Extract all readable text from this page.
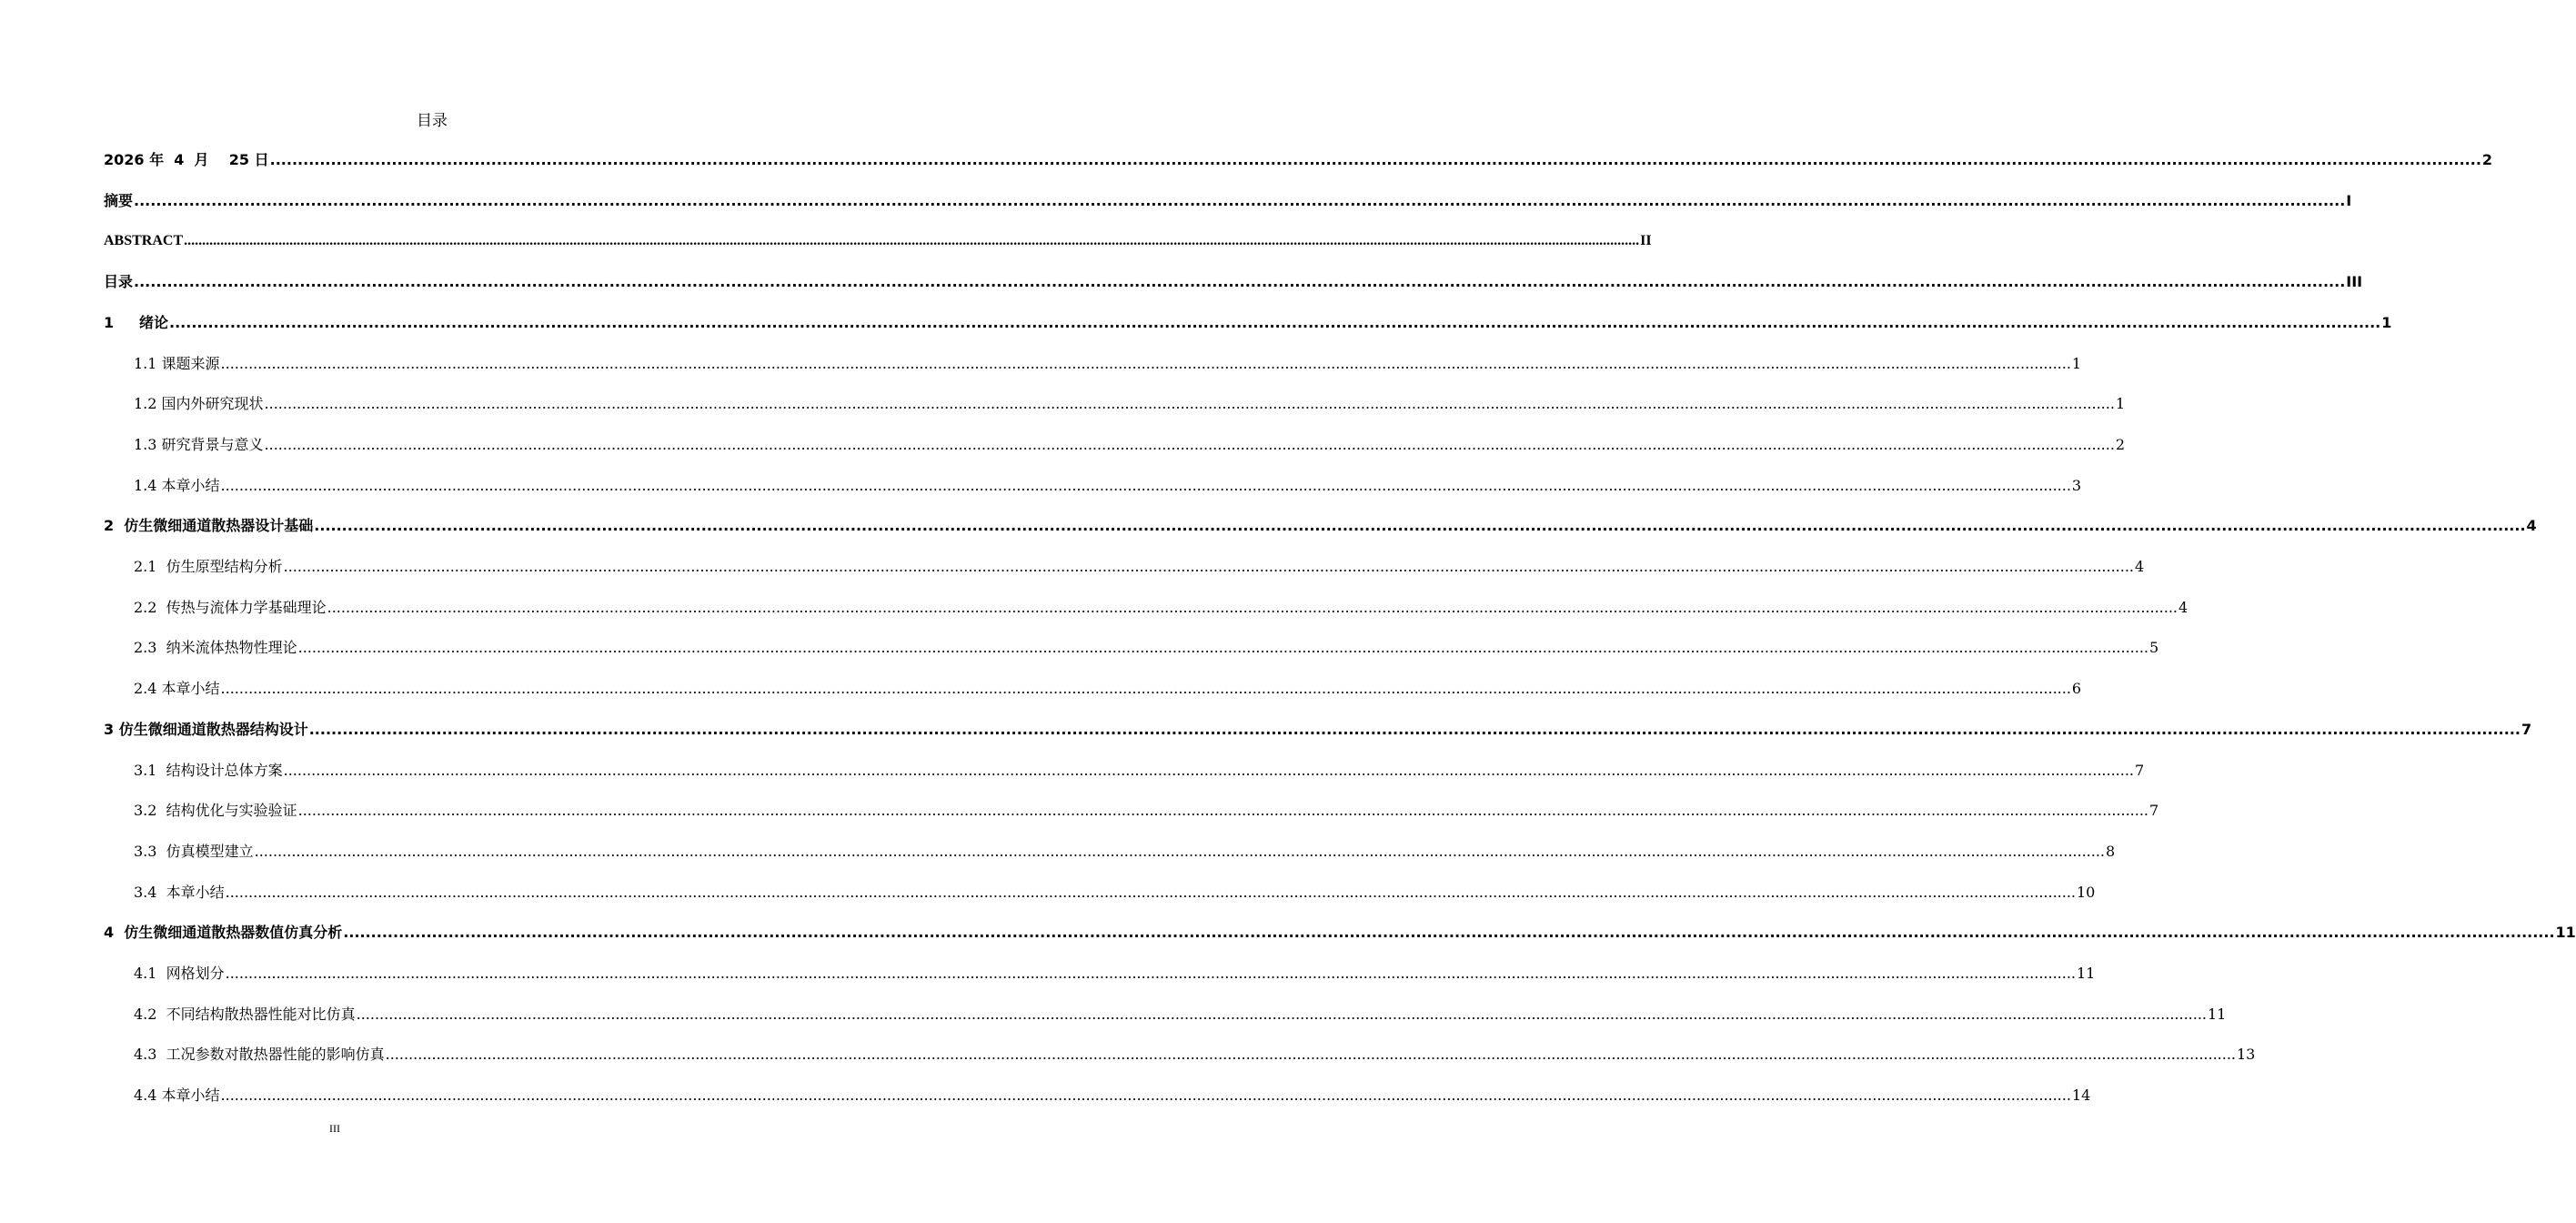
目录
2026 年  4  月    25 日 ................................................................................................................................................................................................................................................................................................................................................................................................................ 2
摘要 ................................................................................................................................................................................................................................................................................................................................................................................................................ I
ABSTRACT ................................................................................................................................................................................................................................................................................................................................................................................................................ II
目录 ................................................................................................................................................................................................................................................................................................................................................................................................................ III
1     绪论 ................................................................................................................................................................................................................................................................................................................................................................................................................ 1
1.1 课题来源 ................................................................................................................................................................................................................................................................................................................................................................................................................ 1
1.2 国内外研究现状 ................................................................................................................................................................................................................................................................................................................................................................................................................ 1
1.3 研究背景与意义 ................................................................................................................................................................................................................................................................................................................................................................................................................ 2
1.4 本章小结 ................................................................................................................................................................................................................................................................................................................................................................................................................ 3
2  仿生微细通道散热器设计基础 ................................................................................................................................................................................................................................................................................................................................................................................................................ 4
2.1  仿生原型结构分析 ................................................................................................................................................................................................................................................................................................................................................................................................................ 4
2.2  传热与流体力学基础理论 ................................................................................................................................................................................................................................................................................................................................................................................................................ 4
2.3  纳米流体热物性理论 ................................................................................................................................................................................................................................................................................................................................................................................................................ 5
2.4 本章小结 ................................................................................................................................................................................................................................................................................................................................................................................................................ 6
3 仿生微细通道散热器结构设计 ................................................................................................................................................................................................................................................................................................................................................................................................................ 7
3.1  结构设计总体方案 ................................................................................................................................................................................................................................................................................................................................................................................................................ 7
3.2  结构优化与实验验证 ................................................................................................................................................................................................................................................................................................................................................................................................................ 7
3.3  仿真模型建立 ................................................................................................................................................................................................................................................................................................................................................................................................................ 8
3.4  本章小结 ................................................................................................................................................................................................................................................................................................................................................................................................................ 10
4  仿生微细通道散热器数值仿真分析 ................................................................................................................................................................................................................................................................................................................................................................................................................ 11
4.1  网格划分 ................................................................................................................................................................................................................................................................................................................................................................................................................ 11
4.2  不同结构散热器性能对比仿真 ................................................................................................................................................................................................................................................................................................................................................................................................................ 11
4.3  工况参数对散热器性能的影响仿真 ................................................................................................................................................................................................................................................................................................................................................................................................................ 13
4.4 本章小结 ................................................................................................................................................................................................................................................................................................................................................................................................................ 14
III
